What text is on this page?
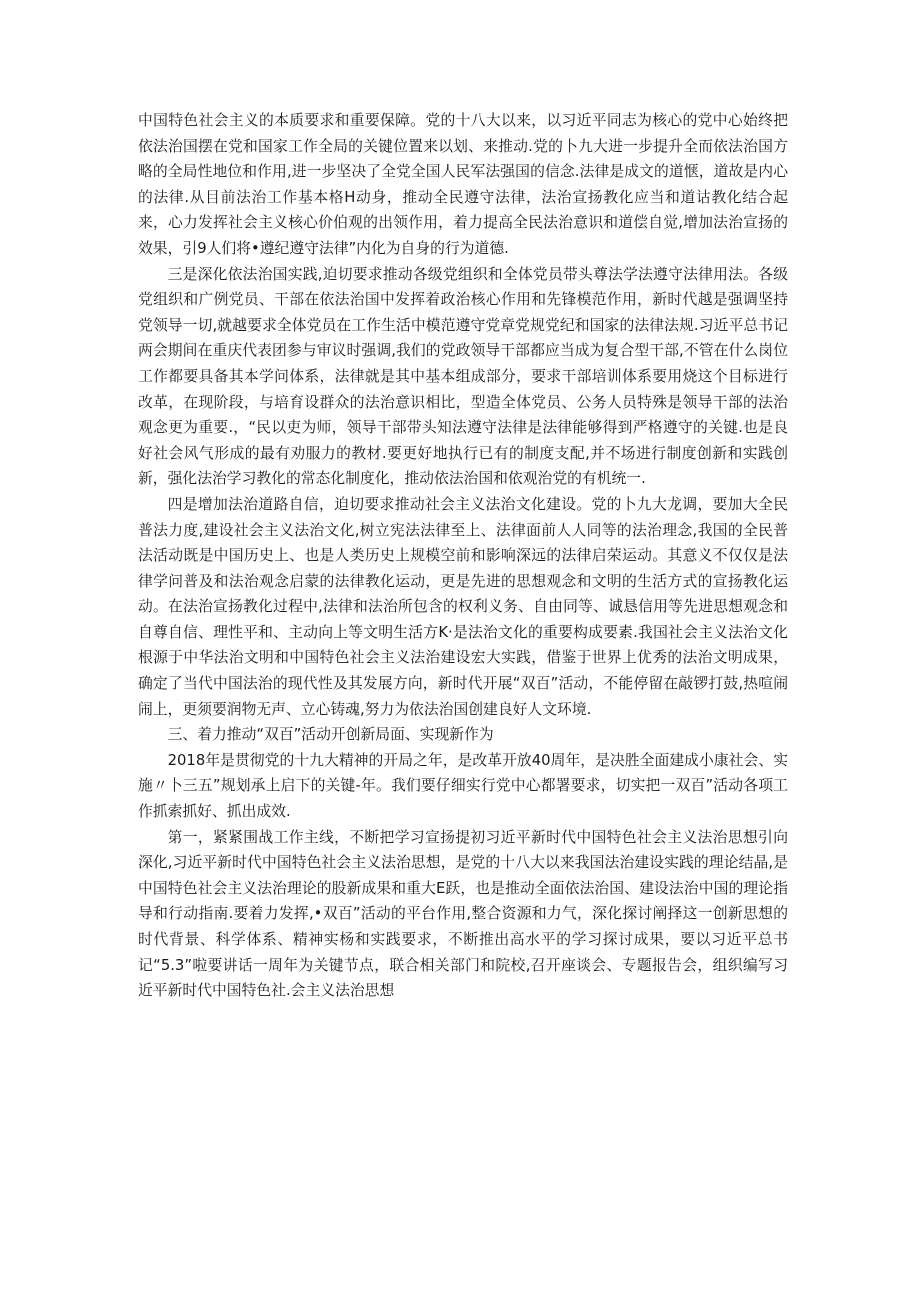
中国特色社会主义的本质要求和重要保障。党的十八大以来，以习近平同志为核心的党中心始终把依法治国摆在党和国家工作全局的关键位置来以划、来推动.党的卜九大进一步提升全而依法治国方略的全局性地位和作用,进一步坚决了全党全国人民军法强国的信念.法律是成文的道惬，道故是内心的法律.从目前法治工作基本格H动身，推动全民遵守法律，法治宣扬教化应当和道诂教化结合起来，心力发挥社会主义核心价伯观的出领作用，着力提高全民法治意识和道偿自觉,增加法治宣扬的效果，引9人们将•遵纪遵守法律”内化为自身的行为道德.

三是深化依法治国实践,迫切要求推动各级党组织和全体党员带头尊法学法遵守法律用法。各级党组织和广例党员、干部在依法治国中发挥着政治核心作用和先锋模范作用，新时代越是强调坚持党领导一切,就越要求全体党员在工作生活中模范遵守党章党规党纪和国家的法律法规.习近平总书记两会期间在重庆代表团参与审议时强调,我们的党政领导干部都应当成为复合型干部,不管在什么岗位工作都要具备其本学问体系，法律就是其中基本组成部分，要求干部培训体系要用烧这个目标进行改革，在现阶段，与培育设群众的法治意识相比，型造全体党员、公务人员特殊是领导干部的法治观念更为重要.，“民以吏为师，领导干部带头知法遵守法律是法律能够得到严格遵守的关键.也是良好社会风气形成的最有劝服力的教材.要更好地执行已有的制度支配,并不场进行制度创新和实践创新，强化法治学习教化的常态化制度化，推动依法治国和依观治党的有机统一.

四是增加法治道路自信，迫切要求推动社会主义法治文化建设。党的卜九大龙调，要加大全民普法力度,建设社会主义法治文化,树立宪法法律至上、法律面前人人同等的法治理念,我国的全民普法活动既是中国历史上、也是人类历史上规模空前和影响深远的法律启荣运动。其意义不仅仅是法律学问普及和法治观念启蒙的法律教化运动，更是先进的思想观念和文明的生活方式的宣扬教化运动。在法治宣扬教化过程中,法律和法治所包含的权利义务、自由同等、诚恳信用等先进思想观念和自尊自信、理性平和、主动向上等文明生活方K·是法治文化的重要构成要素.我国社会主义法治文化根源于中华法治文明和中国特色社会主义法治建设宏大实践，借鉴于世界上优秀的法治文明成果，确定了当代中国法治的现代性及其发展方向，新时代开展“双百”活动，不能停留在敲锣打鼓,热喧闹闹上，更须要润物无声、立心铸魂,努力为依法治国创建良好人文环境.

三、着力推动“双百”活动开创新局面、实现新作为

2018年是贯彻党的十九大精神的开局之年，是改革开放40周年，是决胜全面建成小康社会、实施〃卜三五”规划承上启下的关键-年。我们要仔细实行党中心都署要求，切实把一双百”活动各项工作抓索抓好、抓出成效.

第一，紧紧围战工作主线，不断把学习宣扬提初习近平新时代中国特色社会主义法治思想引向深化,习近平新时代中国特色社会主义法治思想，是党的十八大以来我国法治建设实践的理论结晶,是中国特色社会主义法治理论的股新成果和重大E跃，也是推动全面依法治国、建设法治中国的理论指导和行动指南.要着力发挥,•双百”活动的平台作用,整合资源和力气，深化探讨阐择这一创新思想的时代背景、科学体系、精神实杨和实践要求，不断推出高水平的学习探讨成果，要以习近平总书记“5.3”啦要讲话一周年为关键节点，联合相关部门和院校,召开座谈会、专题报告会，组织编写习近平新时代中国特色社.会主义法治思想
